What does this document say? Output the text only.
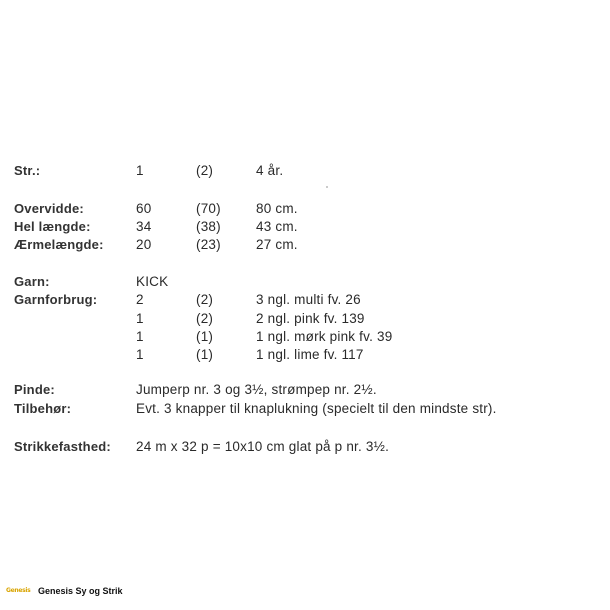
Str.:	1	(2)	4 år.
Overvidde:	60	(70)	80 cm.
Hel længde:	34	(38)	43 cm.
Ærmelængde: 20	(23)	27 cm.
Garn:	KICK
Garnforbrug:	2	(2)	3 ngl. multi fv. 26
1	(2)	2 ngl. pink fv. 139
1	(1)	1 ngl. mørk pink fv. 39
1	(1)	1 ngl. lime fv. 117
Pinde:	Jumperp nr. 3 og 3½, strømpep nr. 2½.
Tilbehør:	Evt. 3 knapper til knaplukning (specielt til den mindste str).
Strikkefasthed: 24 m x 32 p = 10x10 cm glat på p nr. 3½.
Genesis Genesis Sy og Strik
